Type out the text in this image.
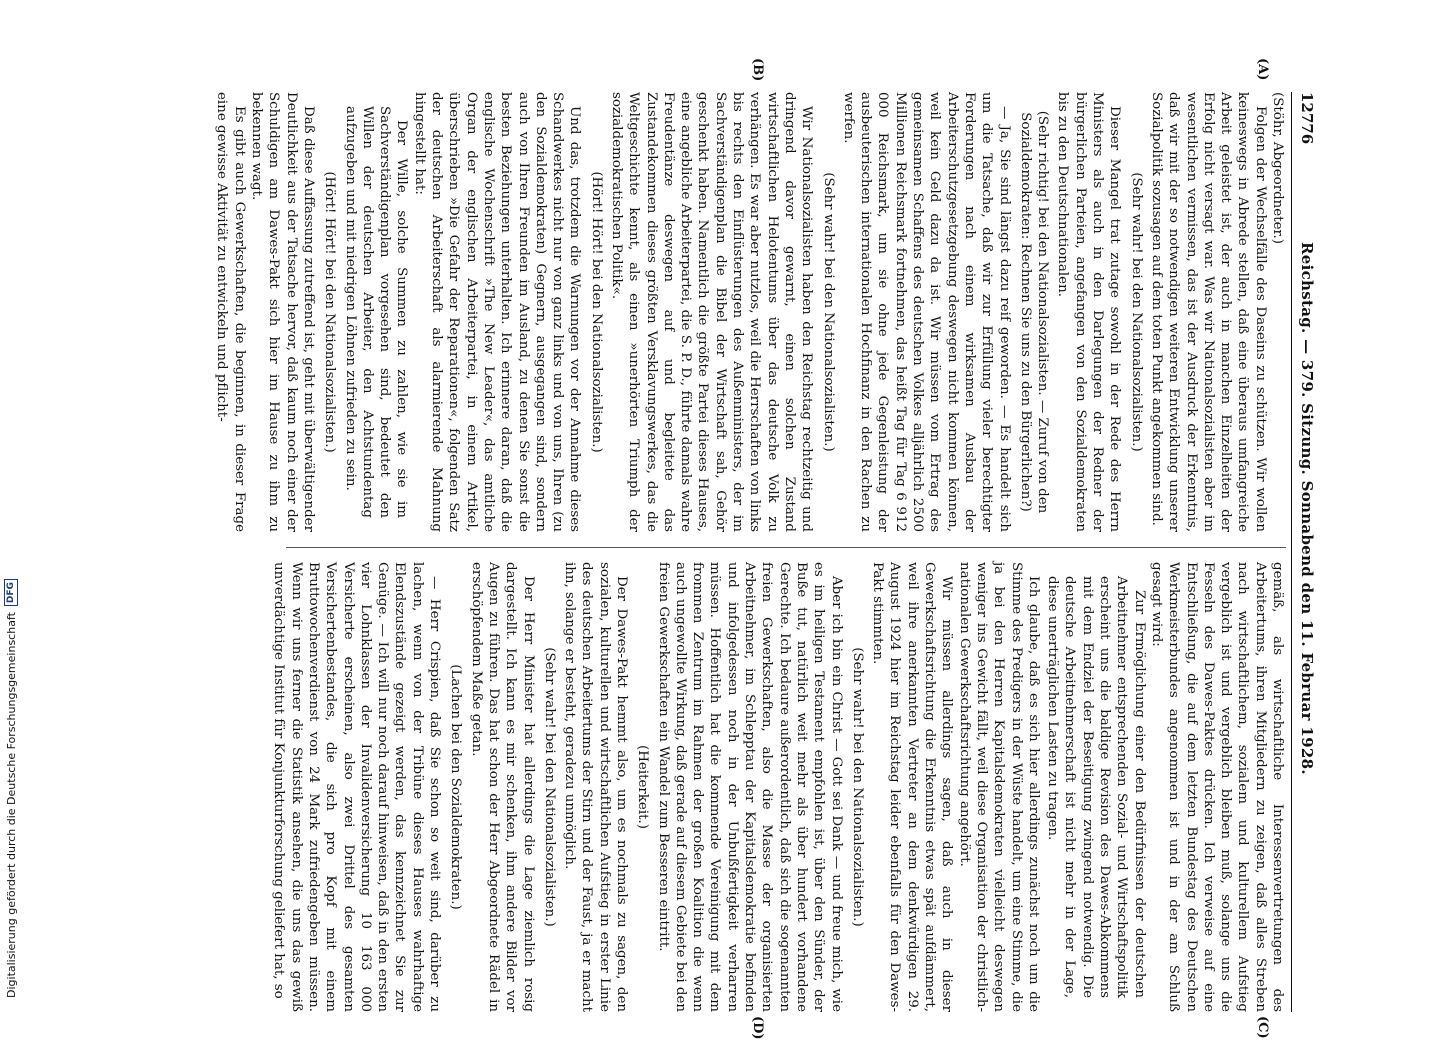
12776
Reichstag. — 379. Sitzung. Sonnabend den 11. Februar 1928.
(A)
(B)
(C)
(D)

(Stöhr, Abgeordneter.)

Folgen der Wechselfälle des Daseins zu schützen. Wir wollen keineswegs in Abrede stellen, daß eine überaus umfangreiche Arbeit geleistet ist, der auch in manchen Einzelheiten der Erfolg nicht versagt war. Was wir Nationalsozialisten aber im wesentlichen vermissen, das ist der Ausdruck der Erkenntnis, daß wir mit der so notwendigen weiteren Entwicklung unserer Sozialpolitik sozusagen auf dem toten Punkt angekommen sind.

(Sehr wahr! bei den Nationalsozialisten.)

Dieser Mangel trat zutage sowohl in der Rede des Herrn Ministers als auch in den Darlegungen der Redner der bürgerlichen Parteien, angefangen von den Sozialdemokraten bis zu den Deutschnationalen.

(Sehr richtig! bei den Nationalsozialisten. — Zuruf von den Sozialdemokraten: Rechnen Sie uns zu den Bürgerlichen?)

— Ja, Sie sind längst dazu reif geworden. — Es handelt sich um die Tatsache, daß wir zur Erfüllung vieler berechtigter Forderungen nach einem wirksamen Ausbau der Arbeiterschutzgesetzgebung deswegen nicht kommen können, weil kein Geld dazu da ist. Wir müssen vom Ertrag des gemeinsamen Schaffens des deutschen Volkes alljährlich 2500 Millionen Reichsmark fortnehmen, das heißt Tag für Tag 6 912 000 Reichsmark, um sie ohne jede Gegenleistung der ausbeuterischen internationalen Hochfinanz in den Rachen zu werfen.

(Sehr wahr! bei den Nationalsozialisten.)

Wir Nationalsozialisten haben den Reichstag rechtzeitig und dringend davor gewarnt, einen solchen Zustand wirtschaftlichen Helotentums über das deutsche Volk zu verhängen. Es war aber nutzlos, weil die Herrschaften von links bis rechts den Einflüsterungen des Außenministers, der im Sachverständigenplan die Bibel der Wirtschaft sah, Gehör geschenkt haben. Namentlich die größte Partei dieses Hauses, eine angebliche Arbeiterpartei, die S. P. D., führte damals wahre Freudentänze deswegen auf und begleitete das Zustandekommen dieses größten Versklavungswerkes, das die Weltgeschichte kennt, als einen »unerhörten Triumph der sozialdemokratischen Politik«.

(Hört! Hört! bei den Nationalsozialisten.)

Und das, trotzdem die Warnungen vor der Annahme dieses Schandwerkes nicht nur von ganz links und von uns, Ihren (zu den Sozialdemokraten) Gegnern, ausgegangen sind, sondern auch von Ihren Freunden im Ausland, zu denen Sie sonst die besten Beziehungen unterhalten. Ich erinnere daran, daß die englische Wochenschrift »The New Leader«, das amtliche Organ der englischen Arbeiterpartei, in einem Artikel, überschrieben »Die Gefahr der Reparationen«, folgenden Satz der deutschen Arbeiterschaft als alarmierende Mahnung hingestellt hat:

Der Wille, solche Summen zu zahlen, wie sie im Sachverständigenplan vorgesehen sind, bedeutet den Willen der deutschen Arbeiter, den Achtstundentag aufzugeben und mit niedrigen Löhnen zufrieden zu sein.

(Hört! Hört! bei den Nationalsozialisten.)

Daß diese Auffassung zutreffend ist, geht mit überwältigender Deutlichkeit aus der Tatsache hervor, daß kaum noch einer der Schuldigen am Dawes-Pakt sich hier im Hause zu ihm zu bekennen wagt.

Es gibt auch Gewerkschaften, die beginnen, in dieser Frage eine gewisse Aktivität zu entwickeln und pflicht-

gemäß, als wirtschaftliche Interessenvertretungen des Arbeitertums, ihren Mitgliedern zu zeigen, daß alles Streben nach wirtschaftlichem, sozialem und kulturellem Aufstieg vergeblich ist und vergeblich bleiben muß, solange uns die Fesseln des Dawes-Paktes drücken. Ich verweise auf eine Entschließung, die auf dem letzten Bundestag des Deutschen Werkmeisterbundes angenommen ist und in der am Schluß gesagt wird:

Zur Ermöglichung einer den Bedürfnissen der deutschen Arbeitnehmer entsprechenden Sozial- und Wirtschaftspolitik erscheint uns die baldige Revision des Dawes-Abkommens mit dem Endziel der Beseitigung zwingend notwendig. Die deutsche Arbeitnehmerschaft ist nicht mehr in der Lage, diese unerträglichen Lasten zu tragen.

Ich glaube, daß es sich hier allerdings zunächst noch um die Stimme des Predigers in der Wüste handelt, um eine Stimme, die ja bei den Herren Kapitalsdemokraten vielleicht deswegen weniger ins Gewicht fällt, weil diese Organisation der christlich-nationalen Gewerkschaftsrichtung angehört.

Wir müssen allerdings sagen, daß auch in dieser Gewerkschaftsrichtung die Erkenntnis etwas spät aufdämmert, weil ihre anerkannten Vertreter an dem denkwürdigen 29. August 1924 hier im Reichstag leider ebenfalls für den Dawes-Pakt stimmten.

(Sehr wahr! bei den Nationalsozialisten.)

Aber ich bin ein Christ — Gott sei Dank — und freue mich, wie es im heiligen Testament empfohlen ist, über den Sünder, der Buße tut, natürlich weit mehr als über hundert vorhandene Gerechte. Ich bedaure außerordentlich, daß sich die sogenannten freien Gewerkschaften, also die Masse der organisierten Arbeitnehmer, im Schlepptau der Kapitalsdemokratie befinden und infolgedessen noch in der Unbußfertigkeit verharren müssen. Hoffentlich hat die kommende Vereinigung mit dem frommen Zentrum im Rahmen der großen Koalition die wenn auch ungewollte Wirkung, daß gerade auf diesem Gebiete bei den freien Gewerkschaften ein Wandel zum Besseren eintritt.

(Heiterkeit.)

Der Dawes-Pakt hemmt also, um es nochmals zu sagen, den sozialen, kulturellen und wirtschaftlichen Aufstieg in erster Linie des deutschen Arbeitertums der Stirn und der Faust, ja er macht ihn, solange er besteht, geradezu unmöglich.

(Sehr wahr! bei den Nationalsozialisten.)

Der Herr Minister hat allerdings die Lage ziemlich rosig dargestellt. Ich kann es mir schenken, ihm andere Bilder vor Augen zu führen. Das hat schon der Herr Abgeordnete Rädel in erschöpfendem Maße getan.

(Lachen bei den Sozialdemokraten.)

— Herr Crispien, daß Sie schon so weit sind, darüber zu lachen, wenn von der Tribüne dieses Hauses wahrhaftige Elendszustände gezeigt werden, das kennzeichnet Sie zur Genüge. — Ich will nur noch darauf hinweisen, daß in den ersten vier Lohnklassen der Invalidenversicherung 10 163 000 Versicherte erscheinen, also zwei Drittel des gesamten Versichertenbestandes, die sich pro Kopf mit einem Bruttowochenverdienst von 24 Mark zufriedengeben müssen. Wenn wir uns ferner die Statistik ansehen, die uns das gewiß unverdächtige Institut für Konjunkturforschung geliefert hat, so

Digitalisierung gefördert durch die Deutsche Forschungsgemeinschaft
DFG
